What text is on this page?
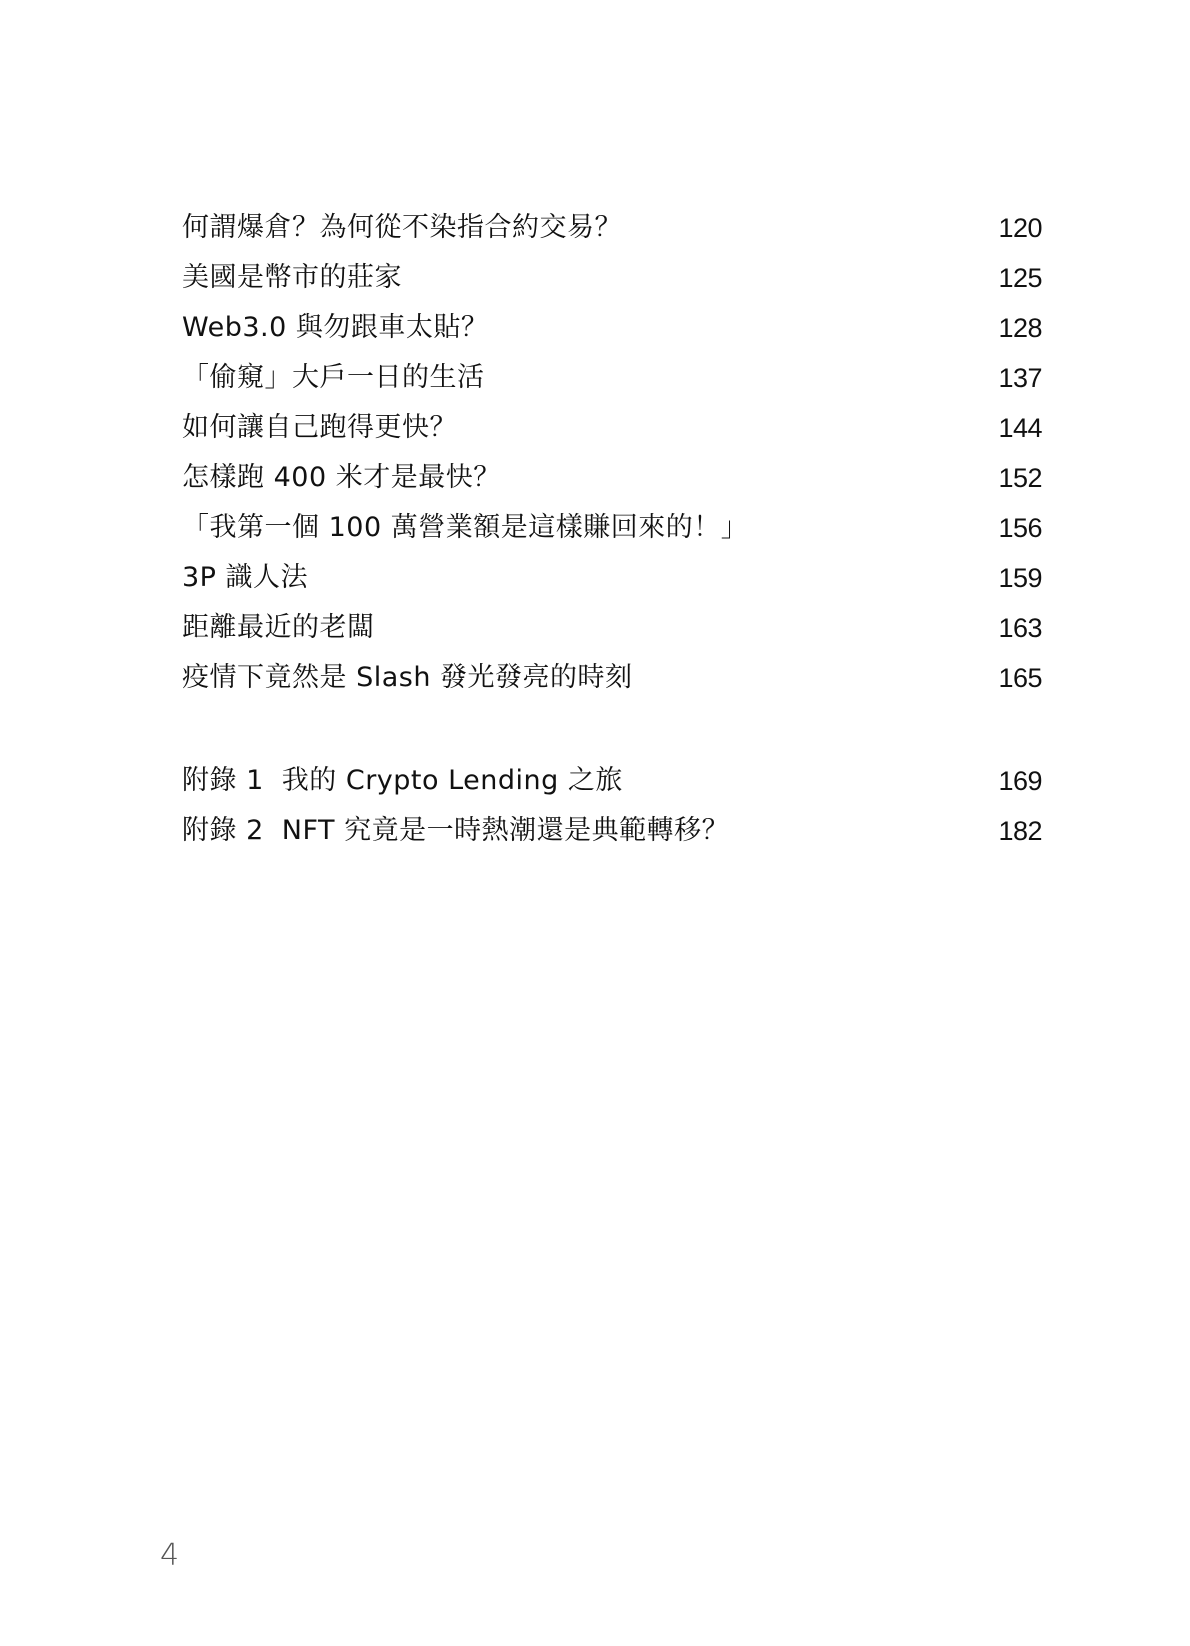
何謂爆倉？為何從不染指合約交易？	120
美國是幣市的莊家	125
Web3.0 與勿跟車太貼？	128
「偷窺」大戶一日的生活	137
如何讓自己跑得更快？	144
怎樣跑 400 米才是最快？	152
「我第一個 100 萬營業額是這樣賺回來的！」	156
3P 識人法	159
距離最近的老闆	163
疫情下竟然是 Slash 發光發亮的時刻	165
附錄 1 我的 Crypto Lending 之旅	169
附錄 2 NFT 究竟是一時熱潮還是典範轉移？	182
4
